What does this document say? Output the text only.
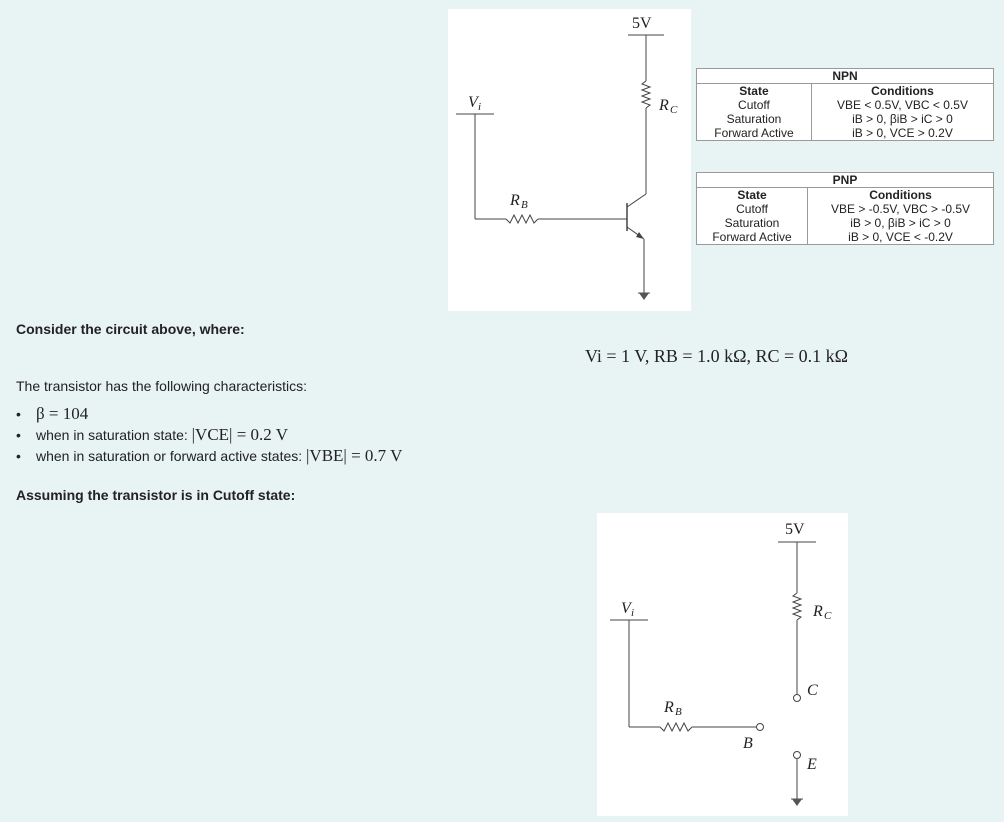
5V
V i	R C
R B
NPN	
State	Conditions
Cutoff	VBE < 0.5V, VBC < 0.5V
Saturation	iB > 0, βiB > iC > 0
Forward Active	iB > 0, VCE > 0.2V
PNP	
State	Conditions
Cutoff	VBE > -0.5V, VBC > -0.5V
Saturation	iB > 0, βiB > iC > 0
Forward Active	iB > 0, VCE < -0.2V
Consider the circuit above, where:
Vi = 1 V, RB = 1.0 kΩ, RC = 0.1 kΩ
The transistor has the following characteristics:
• β = 104
• when in saturation state: |VCE| = 0.2 V
• when in saturation or forward active states: |VBE| = 0.7 V
Assuming the transistor is in Cutoff state:
5V
V i	R C
R B
B
C
E
